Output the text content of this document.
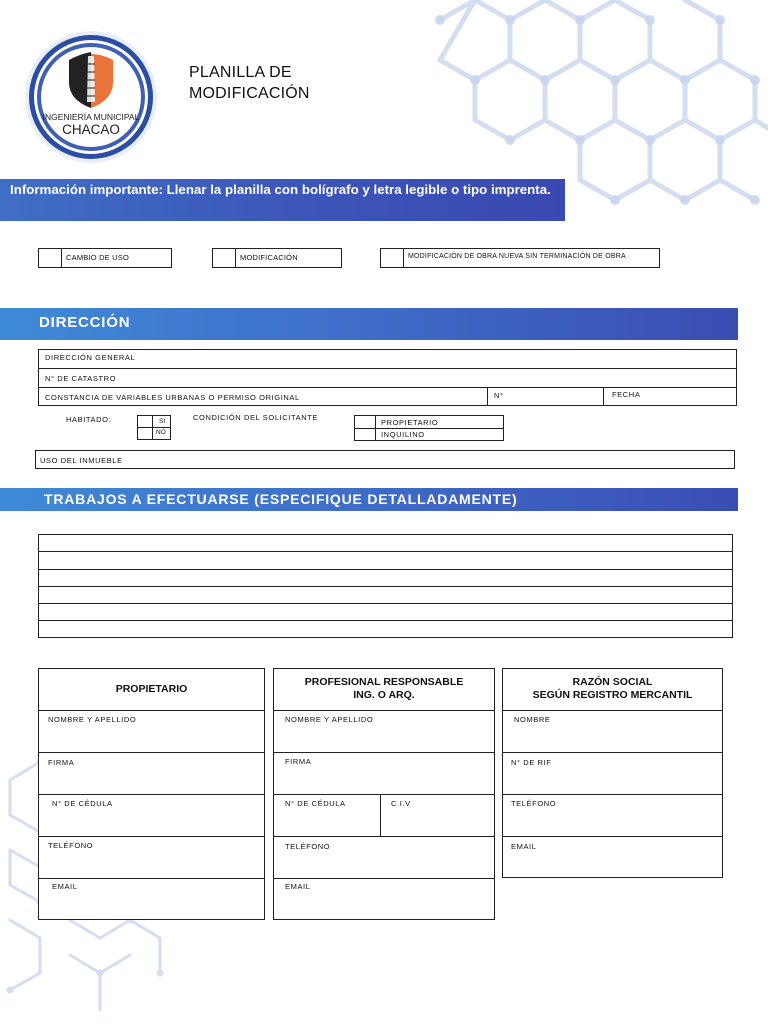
INGENIERÍA MUNICIPAL
CHACAO
PLANILLA DE
MODIFICACIÓN
Información importante: Llenar la planilla con bolígrafo y letra legible o tipo imprenta.
CAMBIO DE USO	MODIFICACIÓN	MODIFICACIÓN DE OBRA NUEVA SIN TERMINACIÓN DE OBRA
DIRECCIÓN
DIRECCIÓN GENERAL
N° DE CATASTRO
CONSTANCIA DE VARIABLES URBANAS O PERMISO ORIGINAL	N°	FECHA
HABITADO:	SI
NO
CONDICIÓN DEL SOLICITANTE
PROPIETARIO
INQUILINO
USO DEL INMUEBLE
TRABAJOS A EFECTUARSE (ESPECIFIQUE DETALLADAMENTE)
PROPIETARIO
NOMBRE Y APELLIDO
FIRMA
N° DE CÉDULA
TELÉFONO
EMAIL
PROFESIONAL RESPONSABLE
ING. O ARQ.
NOMBRE Y APELLIDO
FIRMA
N° DE CÉDULA	C.I.V
TELÉFONO
EMAIL
RAZÓN SOCIAL
SEGÚN REGISTRO MERCANTIL
NOMBRE
N° DE RIF
TELÉFONO
EMAIL
